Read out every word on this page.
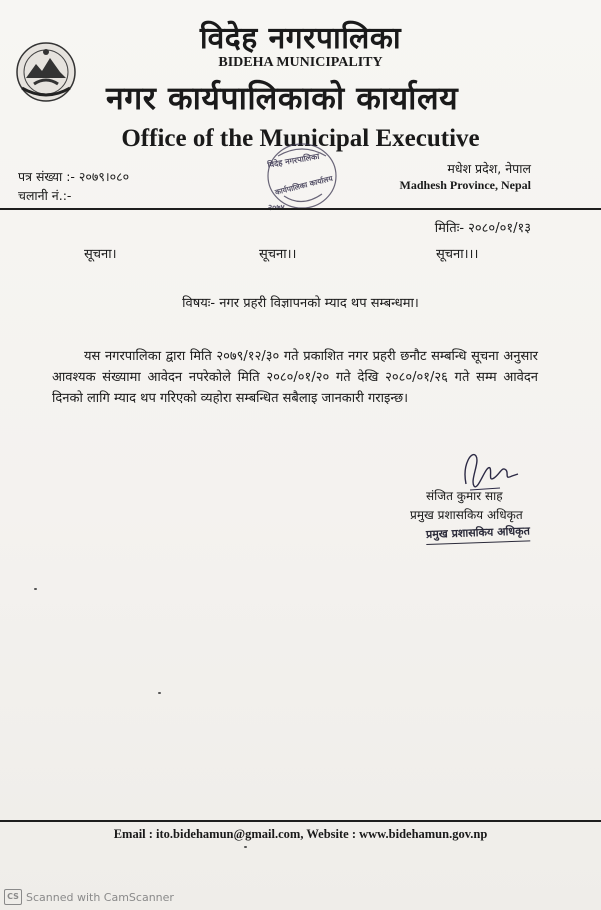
विदेह नगरपालिका
BIDEHA MUNICIPALITY
नगर कार्यपालिकाको कार्यालय
Office of the Municipal Executive
पत्र संख्या :- २०७९।०८०
चलानी नं.:-
विदेह नगरपालिका
कार्यपालिका कार्यालय
मधेश प्रदेश, नेपाल
Madhesh Province, Nepal
मितिः- २०८०/०१/१३
सूचना।	सूचना।।	सूचना।।।
विषयः- नगर प्रहरी विज्ञापनको म्याद थप सम्बन्धमा।

यस नगरपालिका द्वारा मिति २०७९/१२/३० गते प्रकाशित नगर प्रहरी छनौट सम्बन्धि सूचना अनुसार आवश्यक संख्यामा आवेदन नपरेकोले मिति २०८०/०१/२० गते देखि २०८०/०१/२६ गते सम्म आवेदन दिनको लागि म्याद थप गरिएको व्यहोरा सम्बन्धित सबैलाइ जानकारी गराइन्छ।

संजित कुमार साह
प्रमुख प्रशासकिय अधिकृत
प्रमुख प्रशासकिय अधिकृत
Email : ito.bidehamun@gmail.com, Website : www.bidehamun.gov.np
CS Scanned with CamScanner
